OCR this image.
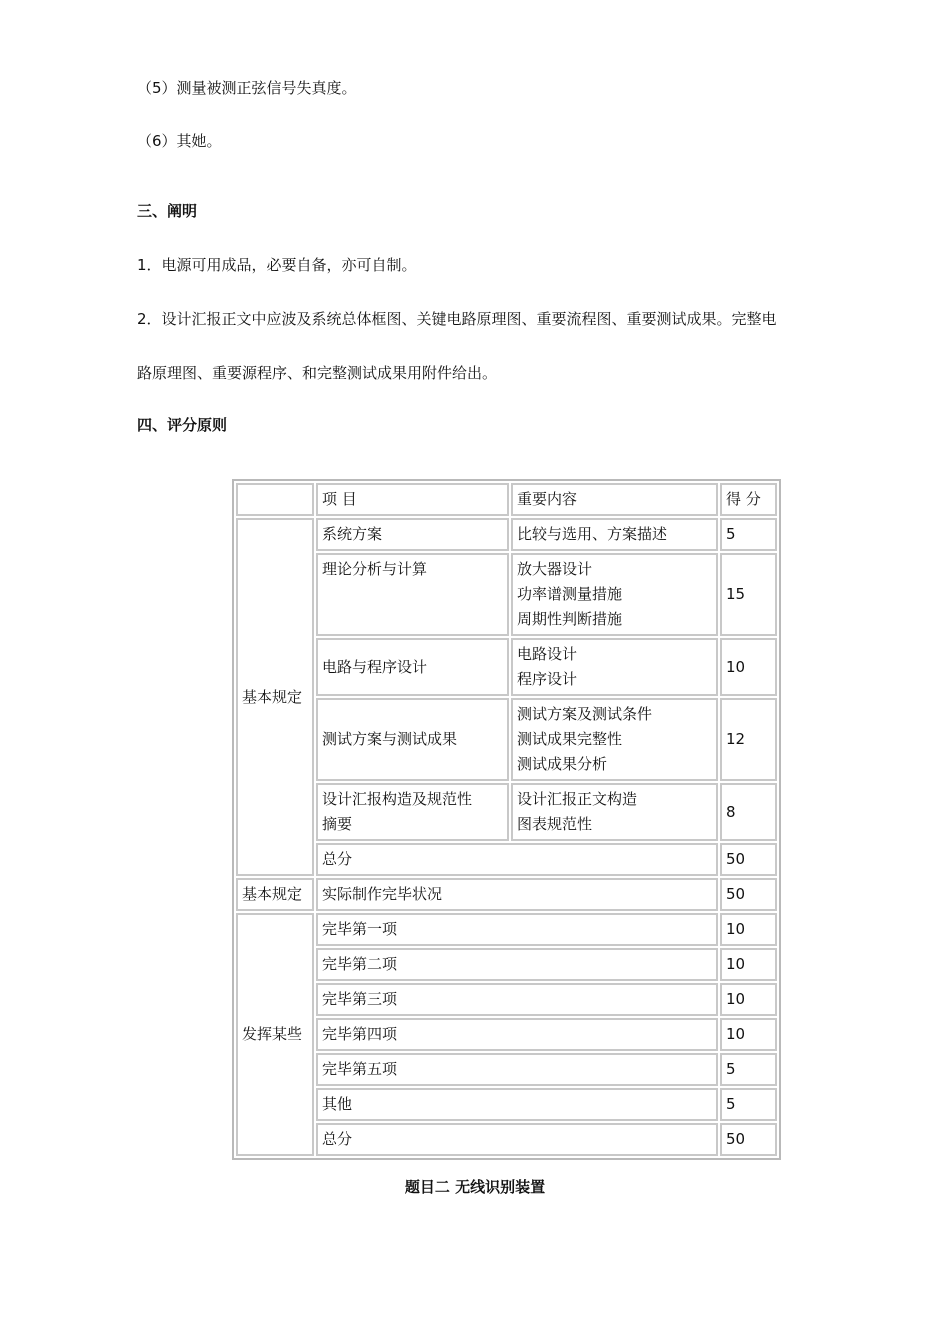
（5）测量被测正弦信号失真度。

（6）其她。

三、阐明

1．电源可用成品，必要自备，亦可自制。

2．设计汇报正文中应波及系统总体框图、关键电路原理图、重要流程图、重要测试成果。完整电

路原理图、重要源程序、和完整测试成果用附件给出。

四、评分原则

	项 目	重要内容	得 分
基本规定	系统方案	比较与选用、方案描述	5
	理论分析与计算	放大器设计
功率谱测量措施
周期性判断措施	15
	电路与程序设计	电路设计
程序设计	10
	测试方案与测试成果	测试方案及测试条件
测试成果完整性
测试成果分析	12

	设计汇报构造及规范性
摘要	设计汇报正文构造
图表规范性	8
	总分		50
基本规定	实际制作完毕状况		50
发挥某些	完毕第一项		10
	完毕第二项		10
	完毕第三项		10
	完毕第四项		10
	完毕第五项		5
	其他		5
	总分		50
题目二 无线识别装置
